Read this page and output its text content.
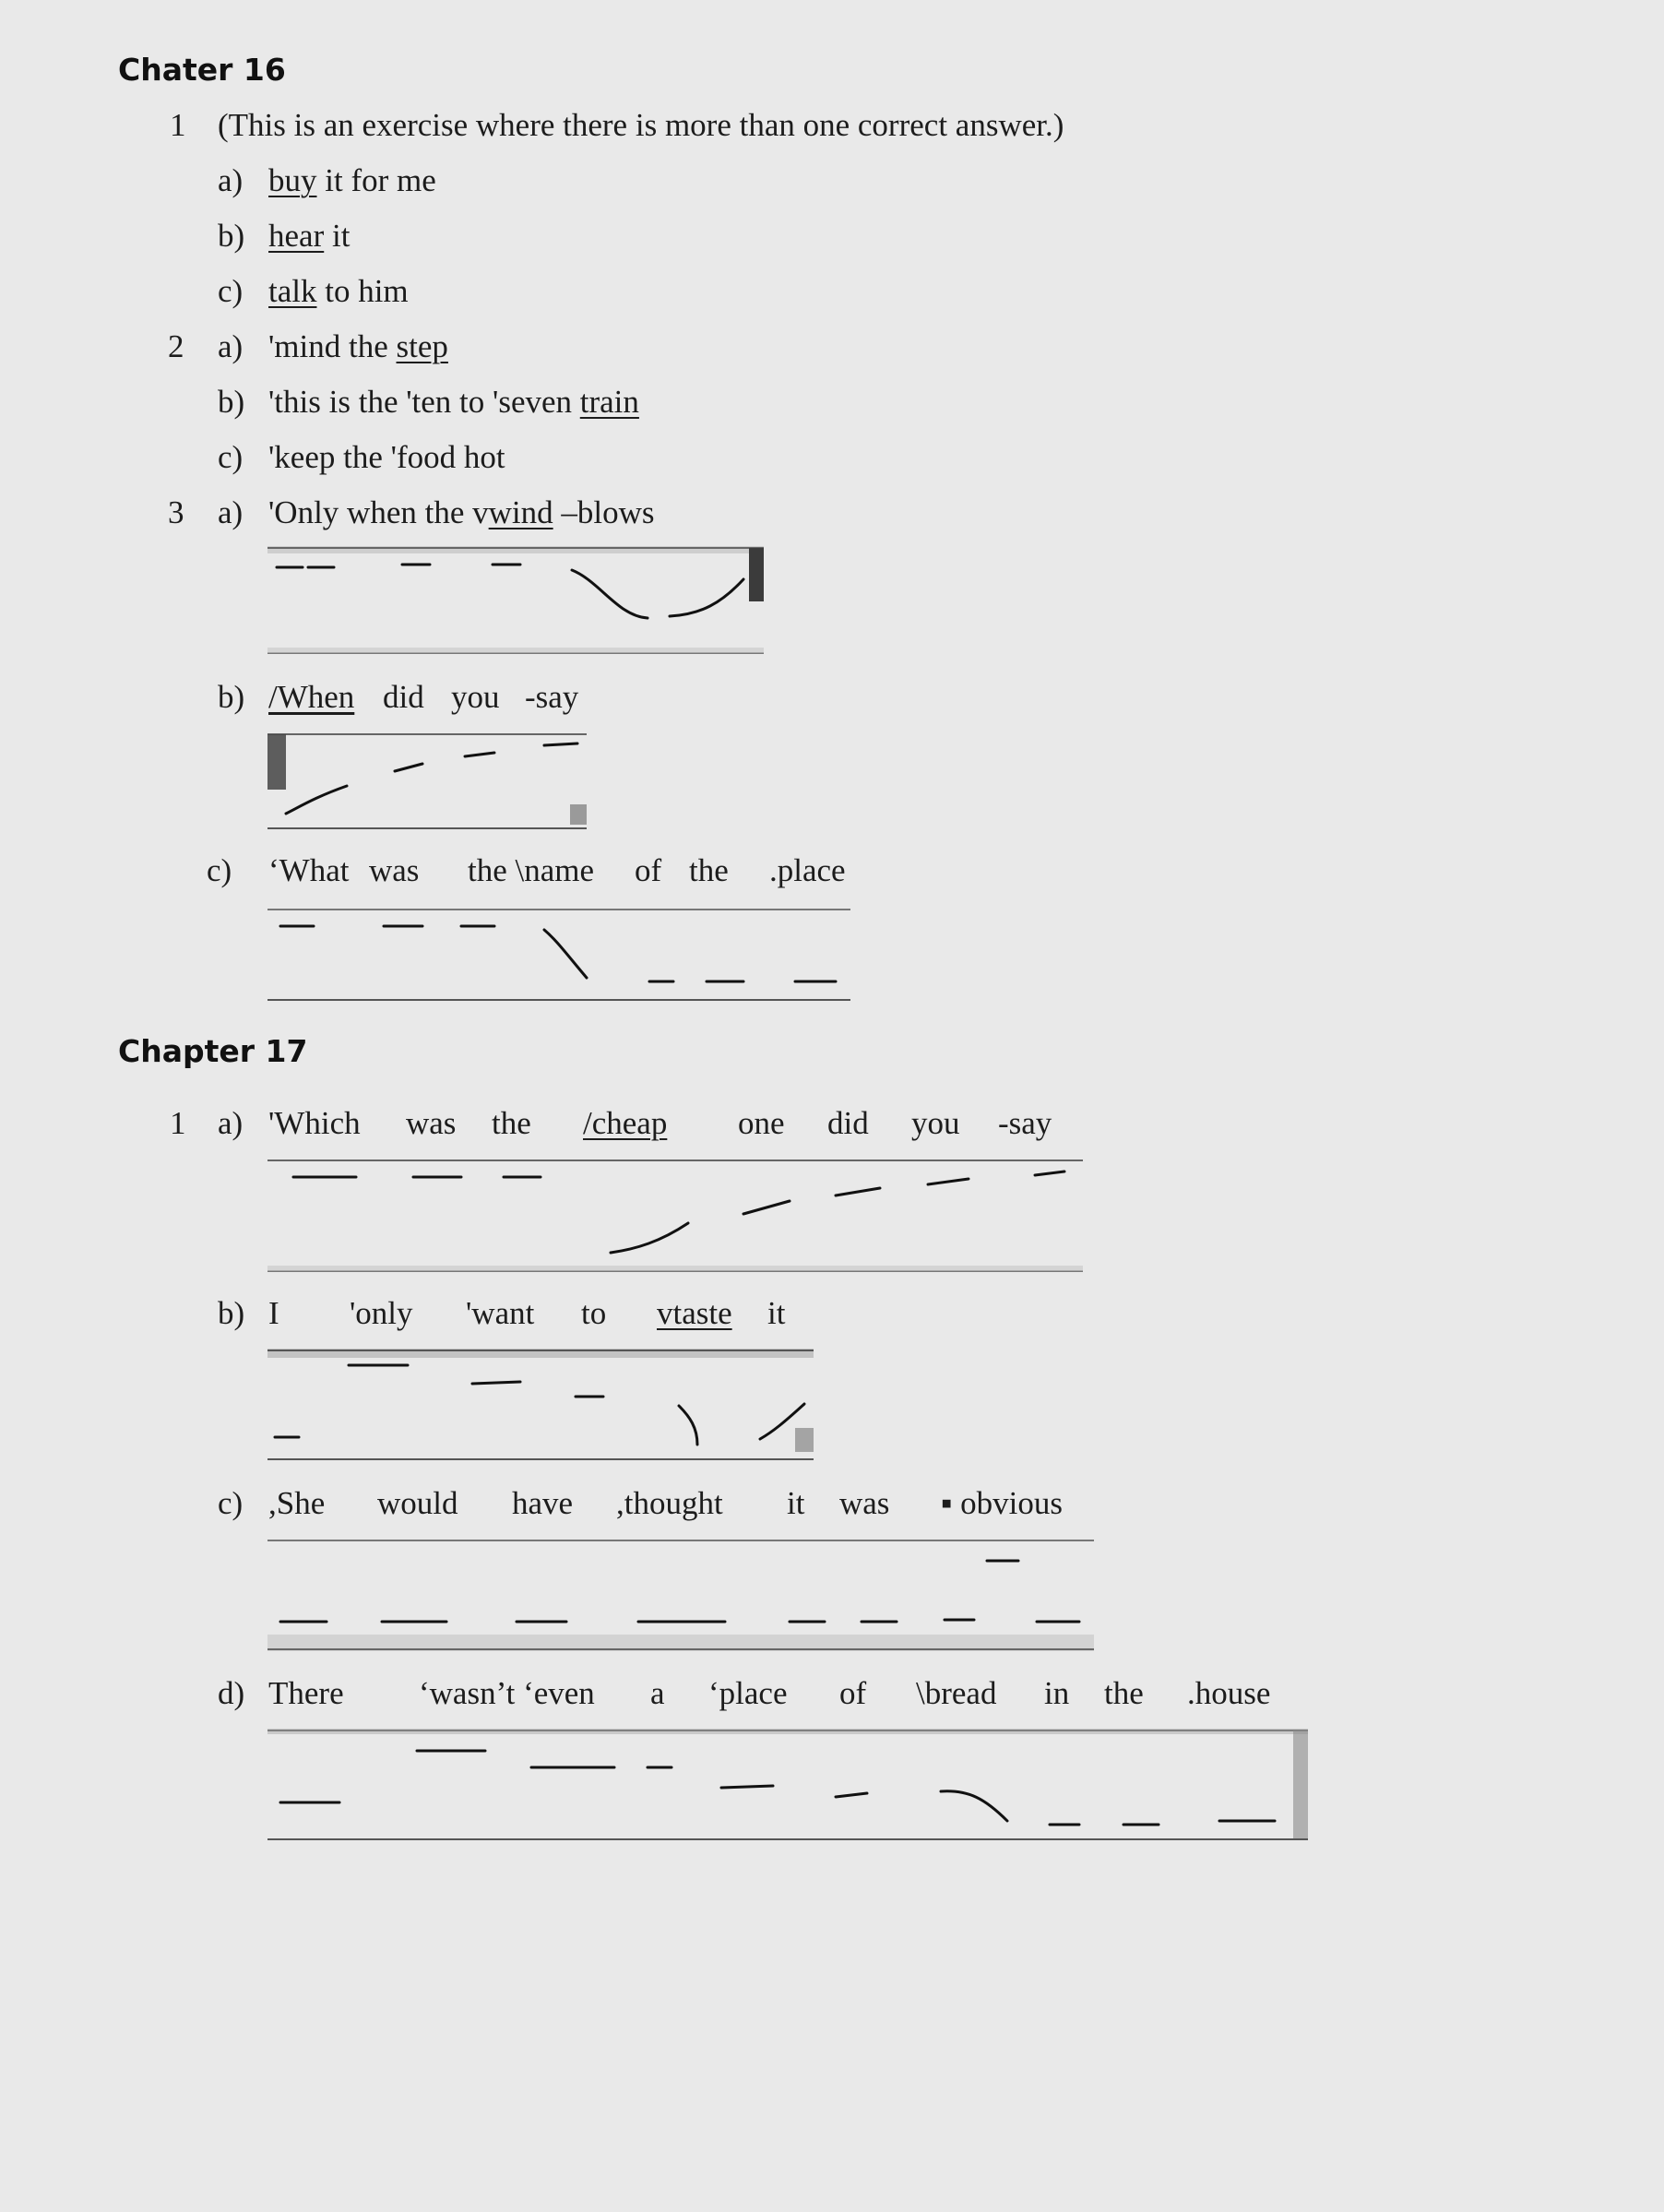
Chater 16
1 (This is an exercise where there is more than one correct answer.)
a) buy it for me
b) hear it
c) talk to him
2 a) 'mind the step
b) 'this is the 'ten to 'seven train
c) 'keep the 'food hot
3 a) 'Only when the vwind –blows
b) /When did you -say
c) ‘What was the \name of the .place
Chapter 17
1 a) 'Which was the /cheap one did you -say
b) I 'only 'want to vtaste it
c) ,She would have ,thought it was ▪ obvious
d) There ‘wasn’t ‘even a ‘place of \bread in the .house
